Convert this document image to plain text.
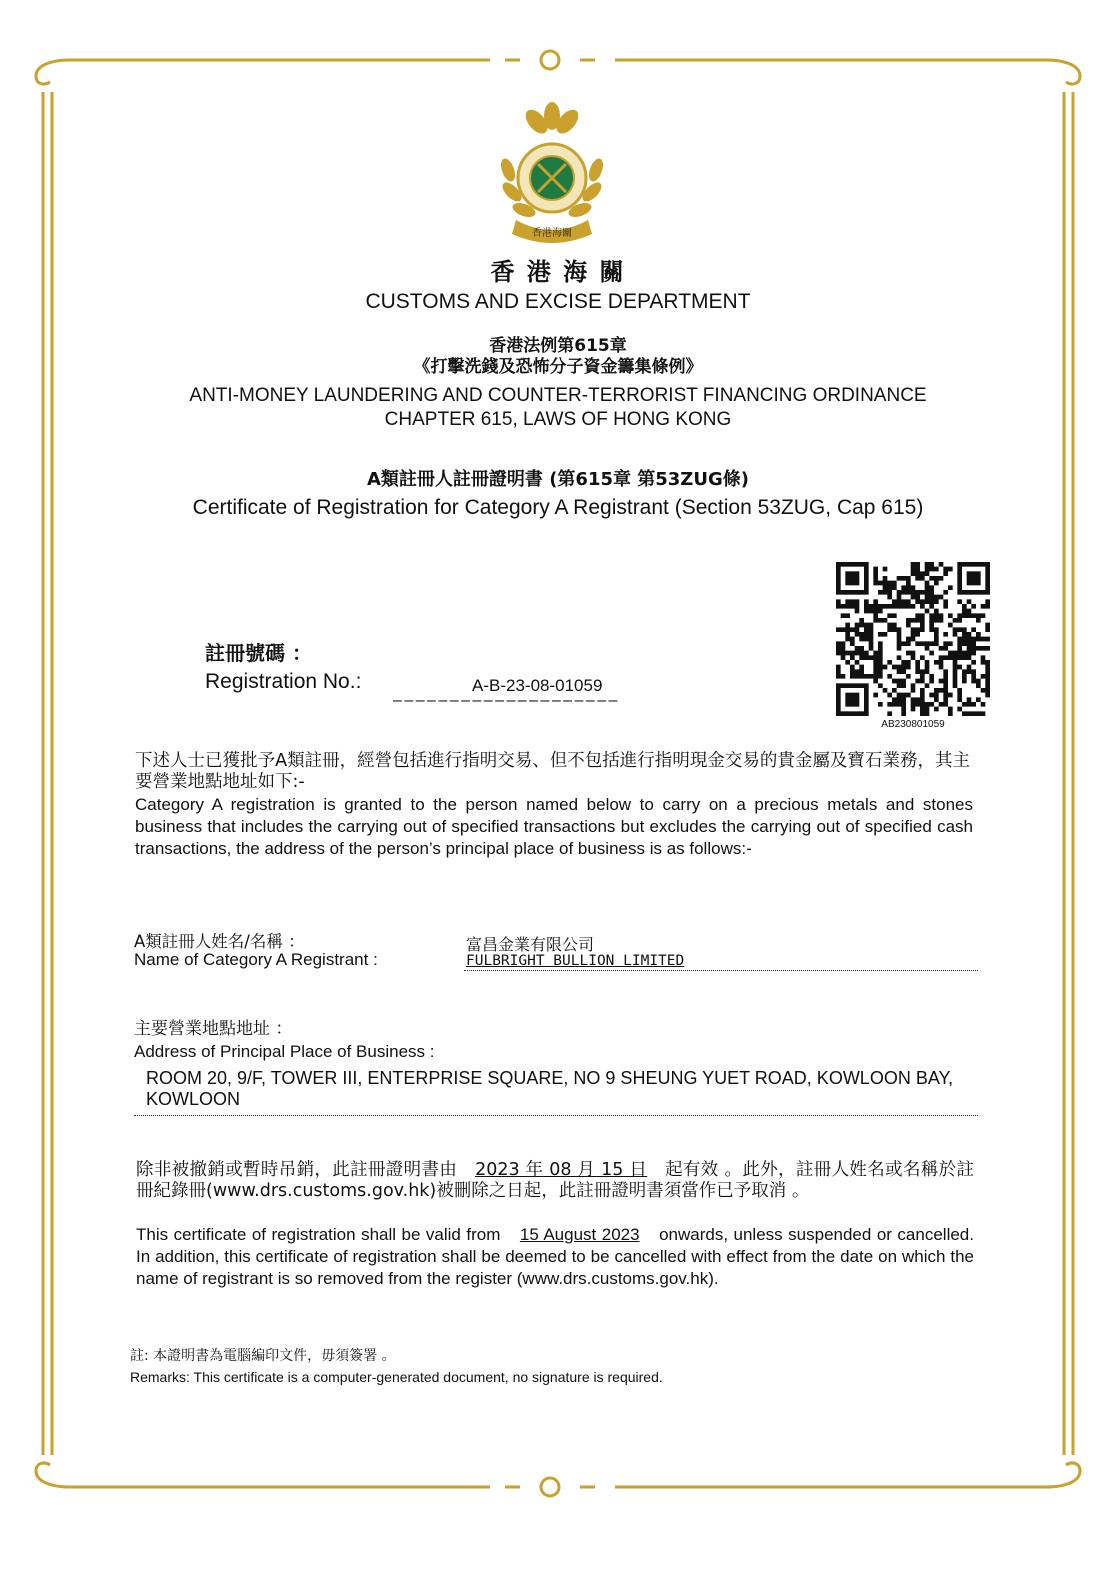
香港海關
香 港 海 關
CUSTOMS AND EXCISE DEPARTMENT
香港法例第615章
《打擊洗錢及恐怖分子資金籌集條例》
ANTI-MONEY LAUNDERING AND COUNTER-TERRORIST FINANCING ORDINANCE
CHAPTER 615, LAWS OF HONG KONG
A類註冊人註冊證明書 (第615章 第53ZUG條)
Certificate of Registration for Category A Registrant (Section 53ZUG, Cap 615)
AB230801059
註冊號碼 ：
Registration No.:	A-B-23-08-01059
– – – – – – – – – – – – – – – – – – – –
下述人士已獲批予A類註冊，經營包括進行指明交易、但不包括進行指明現金交易的貴金屬及寶石業務，其主要營業地點地址如下:-
Category A registration is granted to the person named below to carry on a precious metals and stones business that includes the carrying out of specified transactions but excludes the carrying out of specified cash transactions, the address of the person’s principal place of business is as follows:-
A類註冊人姓名/名稱 ：
Name of Category A Registrant :
富昌金業有限公司
FULBRIGHT BULLION LIMITED
主要營業地點地址 ：
Address of Principal Place of Business :
ROOM 20, 9/F, TOWER III, ENTERPRISE SQUARE, NO 9 SHEUNG YUET ROAD, KOWLOON BAY, KOWLOON
除非被撤銷或暫時吊銷，此註冊證明書由 2023 年 08 月 15 日 起有效 。此外，註冊人姓名或名稱於註冊紀錄冊(www.drs.customs.gov.hk)被刪除之日起，此註冊證明書須當作已予取消 。
This certificate of registration shall be valid from 15 August 2023 onwards, unless suspended or cancelled. In addition, this certificate of registration shall be deemed to be cancelled with effect from the date on which the name of registrant is so removed from the register (www.drs.customs.gov.hk).
註: 本證明書為電腦編印文件，毋須簽署 。
Remarks: This certificate is a computer-generated document, no signature is required.
